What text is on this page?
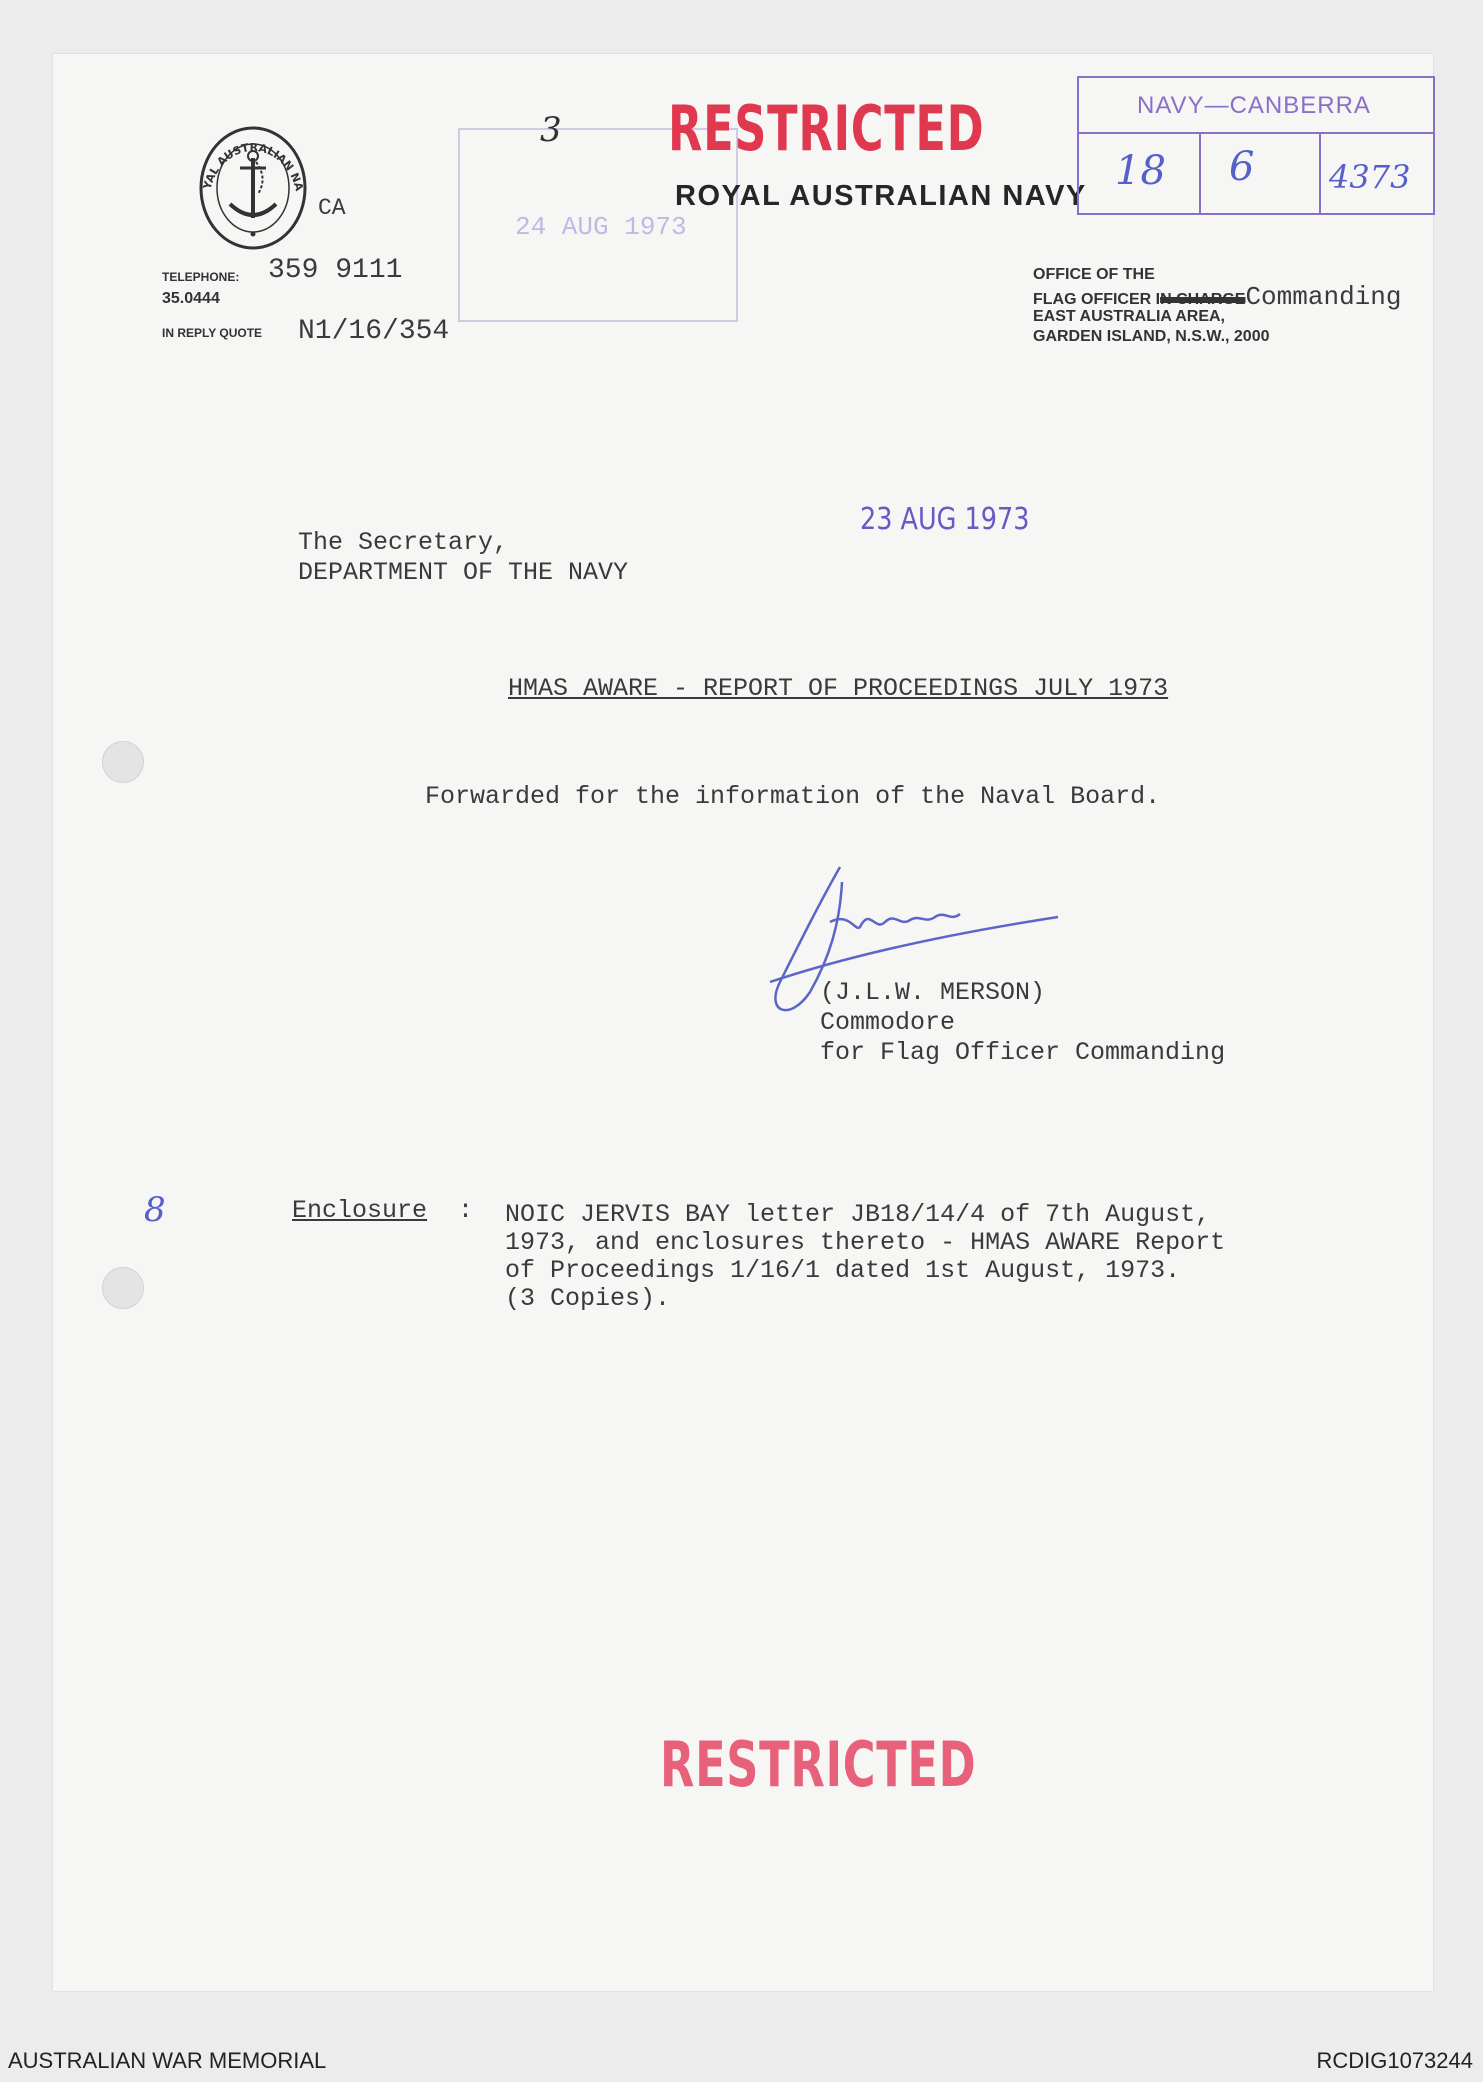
YAL AUSTRALIAN NA
CA
TELEPHONE:
35.0444
359 9111
IN REPLY QUOTE N1/16/354
24 AUG 1973
3 RESTRICTED
ROYAL AUSTRALIAN NAVY
NAVY—CANBERRA
18 6 4373
OFFICE OF THE
FLAG OFFICER IN CHARGECommanding
EAST AUSTRALIA AREA,
GARDEN ISLAND, N.S.W., 2000
23 AUG 1973
The Secretary,
DEPARTMENT OF THE NAVY
HMAS AWARE - REPORT OF PROCEEDINGS JULY 1973
Forwarded for the information of the Naval Board.
(J.L.W. MERSON)
Commodore
for Flag Officer Commanding
8	Enclosure : NOIC JERVIS BAY letter JB18/14/4 of 7th August,
1973, and enclosures thereto - HMAS AWARE Report
of Proceedings 1/16/1 dated 1st August, 1973.
(3 Copies).
RESTRICTED
AUSTRALIAN WAR MEMORIAL	RCDIG1073244
